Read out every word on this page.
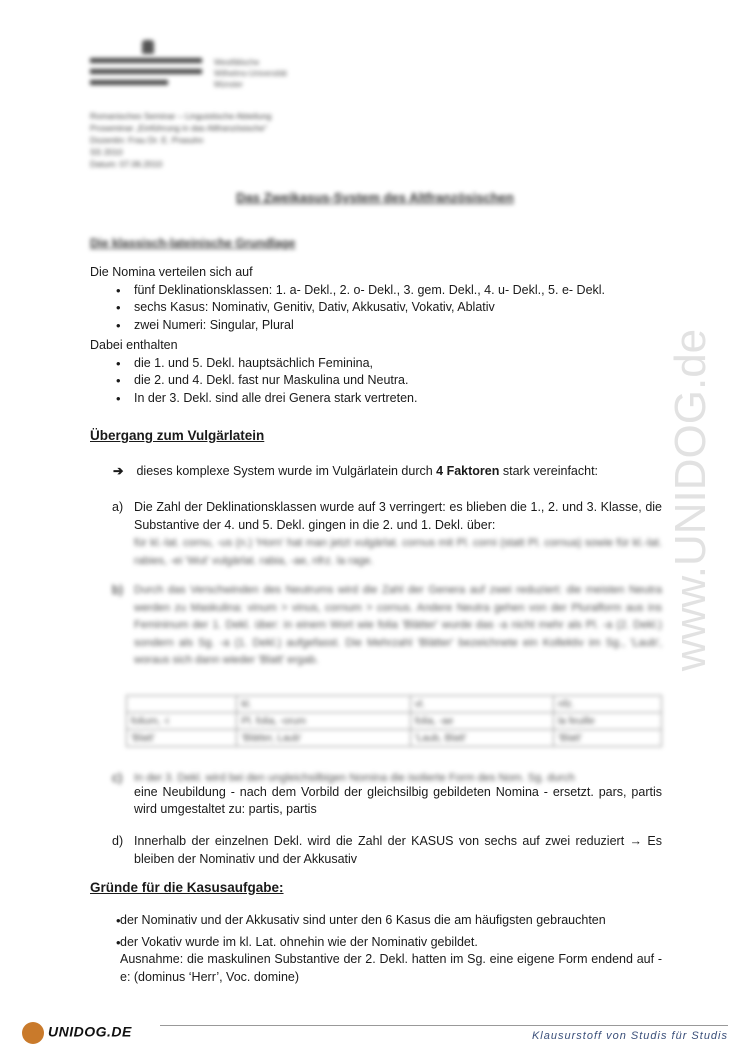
Westfälische
Wilhelms-Universität
Münster
Romanisches Seminar – Linguistische Abteilung
Proseminar „Einführung in das Altfranzösische“
Dozentin: Frau Dr. E. Prasuhn
SS 2010
Datum: 07.06.2010
Das Zweikasus-System des Altfranzösischen
Die klassisch-lateinische Grundlage
Die Nomina verteilen sich auf
• fünf Deklinationsklassen: 1. a- Dekl., 2. o- Dekl., 3. gem. Dekl., 4. u- Dekl., 5. e- Dekl.
• sechs Kasus: Nominativ, Genitiv, Dativ, Akkusativ, Vokativ, Ablativ
• zwei Numeri: Singular, Plural
Dabei enthalten
• die 1. und 5. Dekl. hauptsächlich Feminina,
• die 2. und 4. Dekl. fast nur Maskulina und Neutra.
• In der 3. Dekl. sind alle drei Genera stark vertreten.
Übergang zum Vulgärlatein
➔ dieses komplexe System wurde im Vulgärlatein durch 4 Faktoren stark vereinfacht:
a) Die Zahl der Deklinationsklassen wurde auf 3 verringert: es blieben die 1., 2. und 3. Klasse, die Substantive der 4. und 5. Dekl. gingen in die 2. und 1. Dekl. über:
für kl.-lat. cornu, -us (n.) 'Horn' hat man jetzt vulgärlat. cornus mit Pl. corni (statt Pl. cornua) sowie für kl.-lat. rabies, -ei 'Wut' vulgärlat. rabia, -ae, nfrz. la rage.
b) Durch das Verschwinden des Neutrums wird die Zahl der Genera auf zwei reduziert: die meisten Neutra werden zu Maskulina: vinum > vinus, cornum > cornus. Andere Neutra gehen von der Pluralform aus ins Femininum der 1. Dekl. über: in einem Wort wie folia 'Blätter' wurde das -a nicht mehr als Pl. -a (2. Dekl.) sondern als Sg. -a (1. Dekl.) aufgefasst. Die Mehrzahl 'Blätter' bezeichnete ein Kollektiv im Sg., 'Laub', woraus sich dann wieder 'Blatt' ergab.
	kl.	vl.	nfz.
folium, -i	Pl. folia, -orum	folia, -ae	la feuille
'Blatt'	'Blätter, Laub'	'Laub, Blatt'	'Blatt'
c) In der 3. Dekl. wird bei den ungleichsilbigen Nomina die isolierte Form des Nom. Sg. durch
eine Neubildung - nach dem Vorbild der gleichsilbig gebildeten Nomina - ersetzt. pars, partis wird umgestaltet zu: partis, partis
d) Innerhalb der einzelnen Dekl. wird die Zahl der KASUS von sechs auf zwei reduziert → Es bleiben der Nominativ und der Akkusativ
Gründe für die Kasusaufgabe:
• der Nominativ und der Akkusativ sind unter den 6 Kasus die am häufigsten gebrauchten
• der Vokativ wurde im kl. Lat. ohnehin wie der Nominativ gebildet.
Ausnahme: die maskulinen Substantive der 2. Dekl. hatten im Sg. eine eigene Form endend auf -e: (dominus ‘Herr’, Voc. domine)
www.UNIDOG.de
UNIDOG.DE	Klausurstoff von Studis für Studis
